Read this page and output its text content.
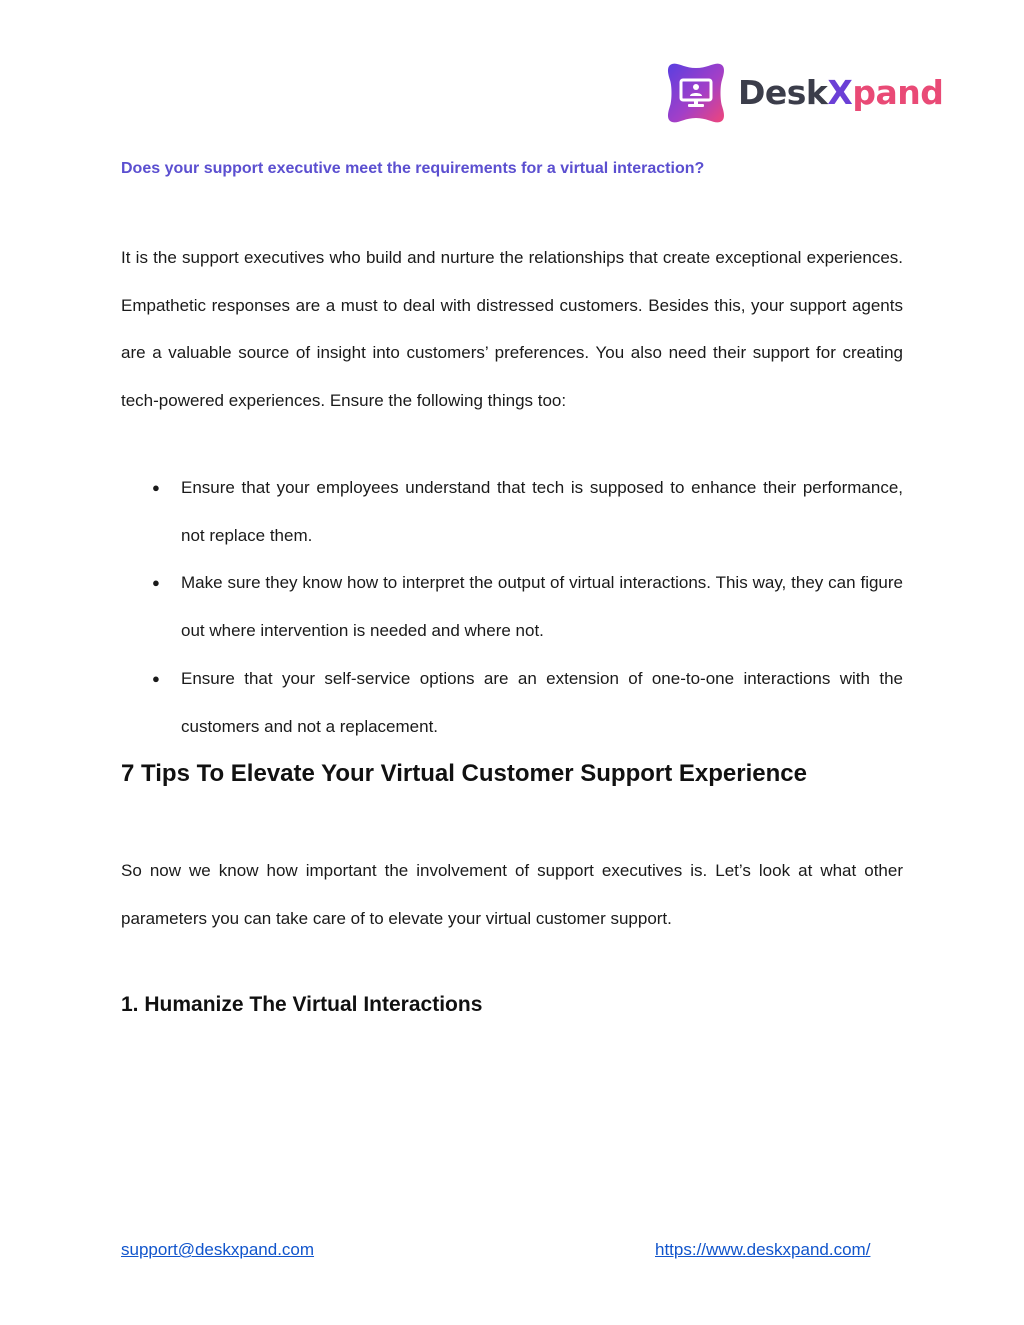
DeskXpand

Does your support executive meet the requirements for a virtual interaction?

It is the support executives who build and nurture the relationships that create exceptional experiences. Empathetic responses are a must to deal with distressed customers. Besides this, your support agents are a valuable source of insight into customers’ preferences. You also need their support for creating tech-powered experiences. Ensure the following things too:

● Ensure that your employees understand that tech is supposed to enhance their performance, not replace them.
● Make sure they know how to interpret the output of virtual interactions. This way, they can figure out where intervention is needed and where not.
● Ensure that your self-service options are an extension of one-to-one interactions with the customers and not a replacement.
7 Tips To Elevate Your Virtual Customer Support Experience

So now we know how important the involvement of support executives is. Let’s look at what other parameters you can take care of to elevate your virtual customer support.

1. Humanize The Virtual Interactions
support@deskxpand.com	https://www.deskxpand.com/
